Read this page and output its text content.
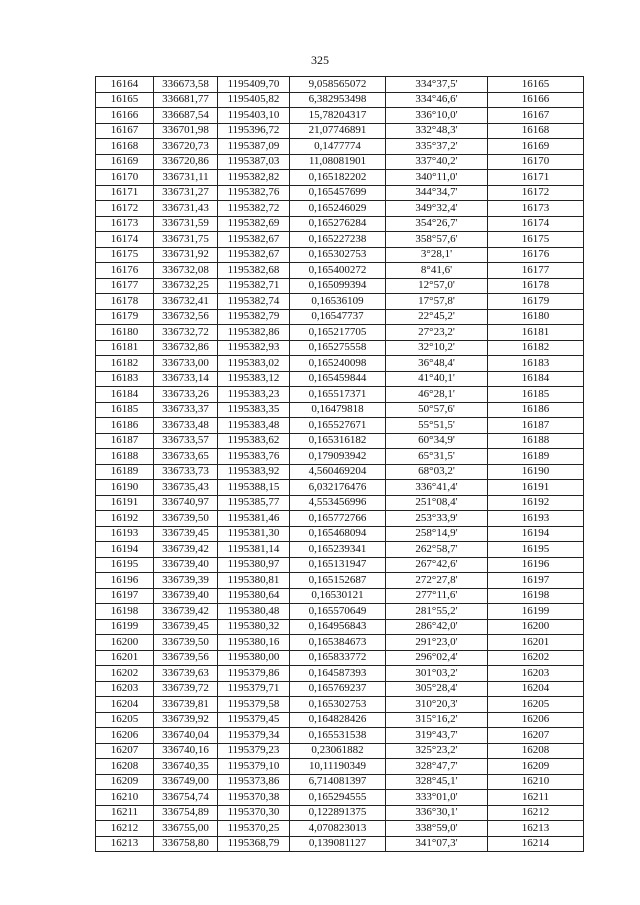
325
16164	336673,58	1195409,70	9,058565072	334°37,5'	16165
16165	336681,77	1195405,82	6,382953498	334°46,6'	16166
16166	336687,54	1195403,10	15,78204317	336°10,0'	16167
16167	336701,98	1195396,72	21,07746891	332°48,3'	16168
16168	336720,73	1195387,09	0,1477774	335°37,2'	16169
16169	336720,86	1195387,03	11,08081901	337°40,2'	16170
16170	336731,11	1195382,82	0,165182202	340°11,0'	16171
16171	336731,27	1195382,76	0,165457699	344°34,7'	16172
16172	336731,43	1195382,72	0,165246029	349°32,4'	16173
16173	336731,59	1195382,69	0,165276284	354°26,7'	16174
16174	336731,75	1195382,67	0,165227238	358°57,6'	16175
16175	336731,92	1195382,67	0,165302753	3°28,1'	16176
16176	336732,08	1195382,68	0,165400272	8°41,6'	16177
16177	336732,25	1195382,71	0,165099394	12°57,0'	16178
16178	336732,41	1195382,74	0,16536109	17°57,8'	16179
16179	336732,56	1195382,79	0,16547737	22°45,2'	16180
16180	336732,72	1195382,86	0,165217705	27°23,2'	16181
16181	336732,86	1195382,93	0,165275558	32°10,2'	16182
16182	336733,00	1195383,02	0,165240098	36°48,4'	16183
16183	336733,14	1195383,12	0,165459844	41°40,1'	16184
16184	336733,26	1195383,23	0,165517371	46°28,1'	16185
16185	336733,37	1195383,35	0,16479818	50°57,6'	16186
16186	336733,48	1195383,48	0,165527671	55°51,5'	16187
16187	336733,57	1195383,62	0,165316182	60°34,9'	16188
16188	336733,65	1195383,76	0,179093942	65°31,5'	16189
16189	336733,73	1195383,92	4,560469204	68°03,2'	16190
16190	336735,43	1195388,15	6,032176476	336°41,4'	16191
16191	336740,97	1195385,77	4,553456996	251°08,4'	16192
16192	336739,50	1195381,46	0,165772766	253°33,9'	16193
16193	336739,45	1195381,30	0,165468094	258°14,9'	16194
16194	336739,42	1195381,14	0,165239341	262°58,7'	16195
16195	336739,40	1195380,97	0,165131947	267°42,6'	16196
16196	336739,39	1195380,81	0,165152687	272°27,8'	16197
16197	336739,40	1195380,64	0,16530121	277°11,6'	16198
16198	336739,42	1195380,48	0,165570649	281°55,2'	16199
16199	336739,45	1195380,32	0,164956843	286°42,0'	16200
16200	336739,50	1195380,16	0,165384673	291°23,0'	16201
16201	336739,56	1195380,00	0,165833772	296°02,4'	16202
16202	336739,63	1195379,86	0,164587393	301°03,2'	16203
16203	336739,72	1195379,71	0,165769237	305°28,4'	16204
16204	336739,81	1195379,58	0,165302753	310°20,3'	16205
16205	336739,92	1195379,45	0,164828426	315°16,2'	16206
16206	336740,04	1195379,34	0,165531538	319°43,7'	16207
16207	336740,16	1195379,23	0,23061882	325°23,2'	16208
16208	336740,35	1195379,10	10,11190349	328°47,7'	16209
16209	336749,00	1195373,86	6,714081397	328°45,1'	16210
16210	336754,74	1195370,38	0,165294555	333°01,0'	16211
16211	336754,89	1195370,30	0,122891375	336°30,1'	16212
16212	336755,00	1195370,25	4,070823013	338°59,0'	16213
16213	336758,80	1195368,79	0,139081127	341°07,3'	16214
